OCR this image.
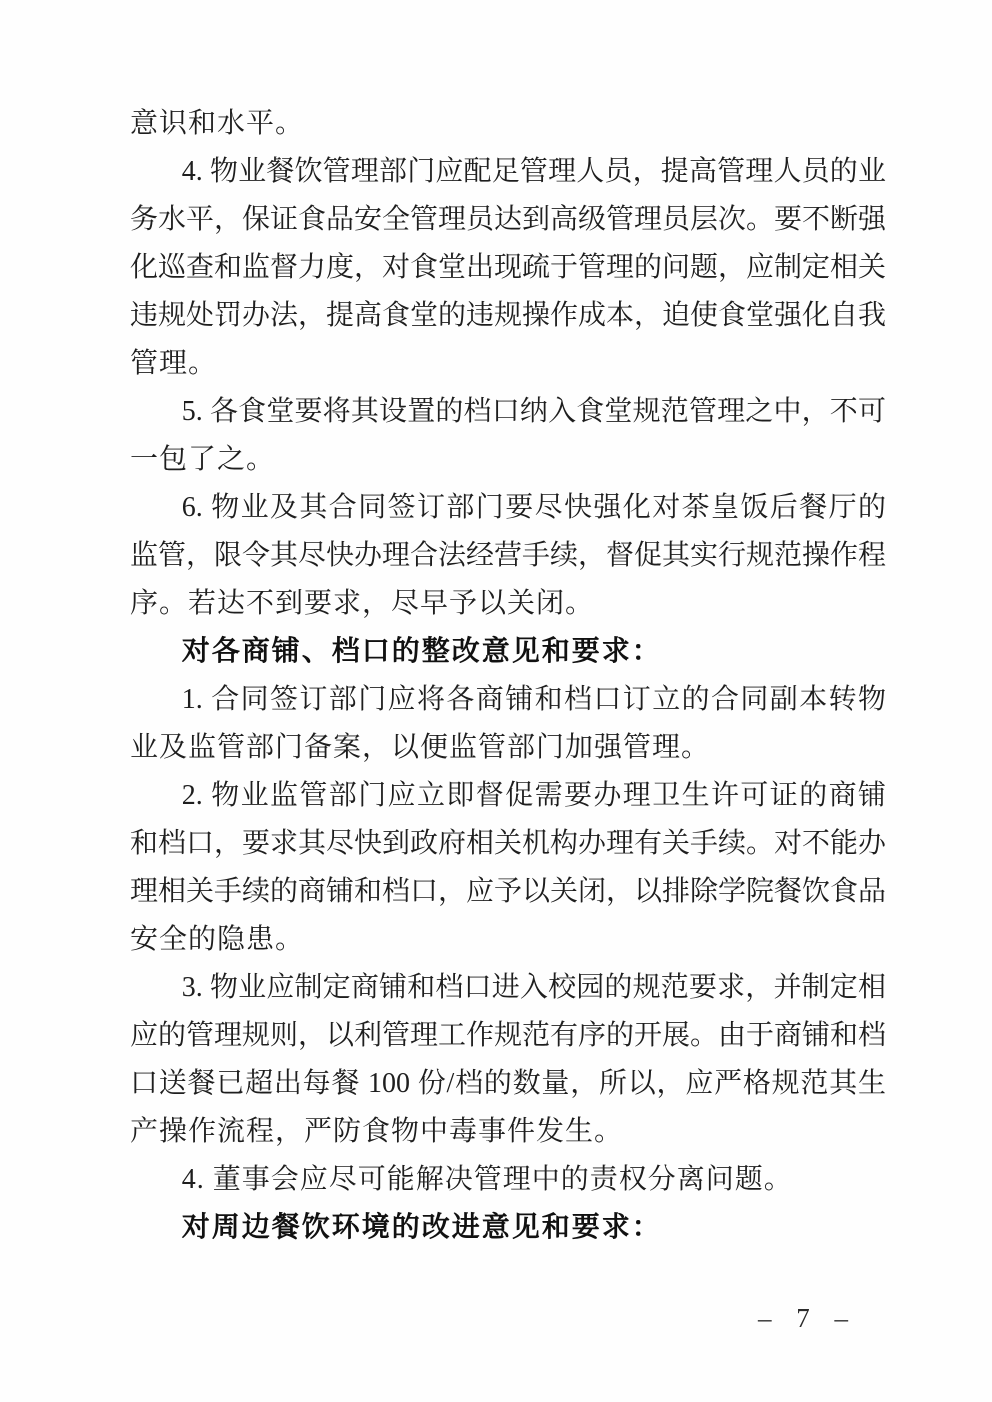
意识和水平。
4. 物业餐饮管理部门应配足管理人员，提高管理人员的业
务水平，保证食品安全管理员达到高级管理员层次。要不断强
化巡查和监督力度，对食堂出现疏于管理的问题，应制定相关
违规处罚办法，提高食堂的违规操作成本，迫使食堂强化自我
管理。
5. 各食堂要将其设置的档口纳入食堂规范管理之中，不可
一包了之。
6. 物业及其合同签订部门要尽快强化对茶皇饭后餐厅的
监管，限令其尽快办理合法经营手续，督促其实行规范操作程
序。若达不到要求，尽早予以关闭。
对各商铺、档口的整改意见和要求：
1. 合同签订部门应将各商铺和档口订立的合同副本转物
业及监管部门备案，以便监管部门加强管理。
2. 物业监管部门应立即督促需要办理卫生许可证的商铺
和档口，要求其尽快到政府相关机构办理有关手续。对不能办
理相关手续的商铺和档口，应予以关闭，以排除学院餐饮食品
安全的隐患。
3. 物业应制定商铺和档口进入校园的规范要求，并制定相
应的管理规则，以利管理工作规范有序的开展。由于商铺和档
口送餐已超出每餐 100 份/档的数量，所以，应严格规范其生
产操作流程，严防食物中毒事件发生。
4. 董事会应尽可能解决管理中的责权分离问题。
对周边餐饮环境的改进意见和要求：
– 7 –
